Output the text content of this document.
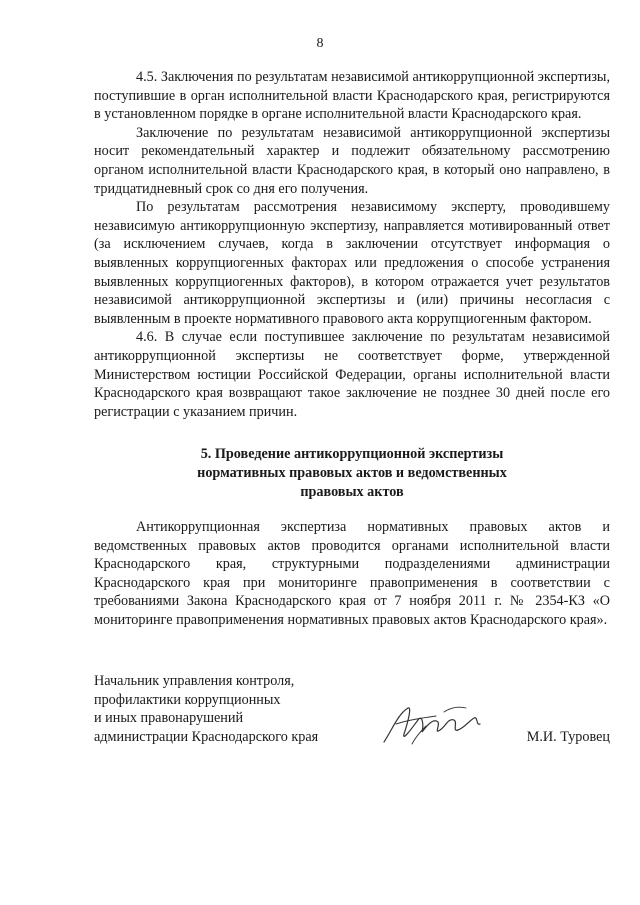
8

4.5. Заключения по результатам независимой антикоррупционной экспертизы, поступившие в орган исполнительной власти Краснодарского края, регистрируются в установленном порядке в органе исполнительной власти Краснодарского края.

Заключение по результатам независимой антикоррупционной экспертизы носит рекомендательный характер и подлежит обязательному рассмотрению органом исполнительной власти Краснодарского края, в который оно направлено, в тридцатидневный срок со дня его получения.

По результатам рассмотрения независимому эксперту, проводившему независимую антикоррупционную экспертизу, направляется мотивированный ответ (за исключением случаев, когда в заключении отсутствует информация о выявленных коррупциогенных факторах или предложения о способе устранения выявленных коррупциогенных факторов), в котором отражается учет результатов независимой антикоррупционной экспертизы и (или) причины несогласия с выявленным в проекте нормативного правового акта коррупциогенным фактором.

4.6. В случае если поступившее заключение по результатам независимой антикоррупционной экспертизы не соответствует форме, утвержденной Министерством юстиции Российской Федерации, органы исполнительной власти Краснодарского края возвращают такое заключение не позднее 30 дней после его регистрации с указанием причин.

5. Проведение антикоррупционной экспертизы
нормативных правовых актов и ведомственных
правовых актов

Антикоррупционная экспертиза нормативных правовых актов и ведомственных правовых актов проводится органами исполнительной власти Краснодарского края, структурными подразделениями администрации Краснодарского края при мониторинге правоприменения в соответствии с требованиями Закона Краснодарского края от 7 ноября 2011 г. № 2354-КЗ «О мониторинге правоприменения нормативных правовых актов Краснодарского края».

Начальник управления контроля,
профилактики коррупционных
и иных правонарушений
администрации Краснодарского края	М.И. Туровец
